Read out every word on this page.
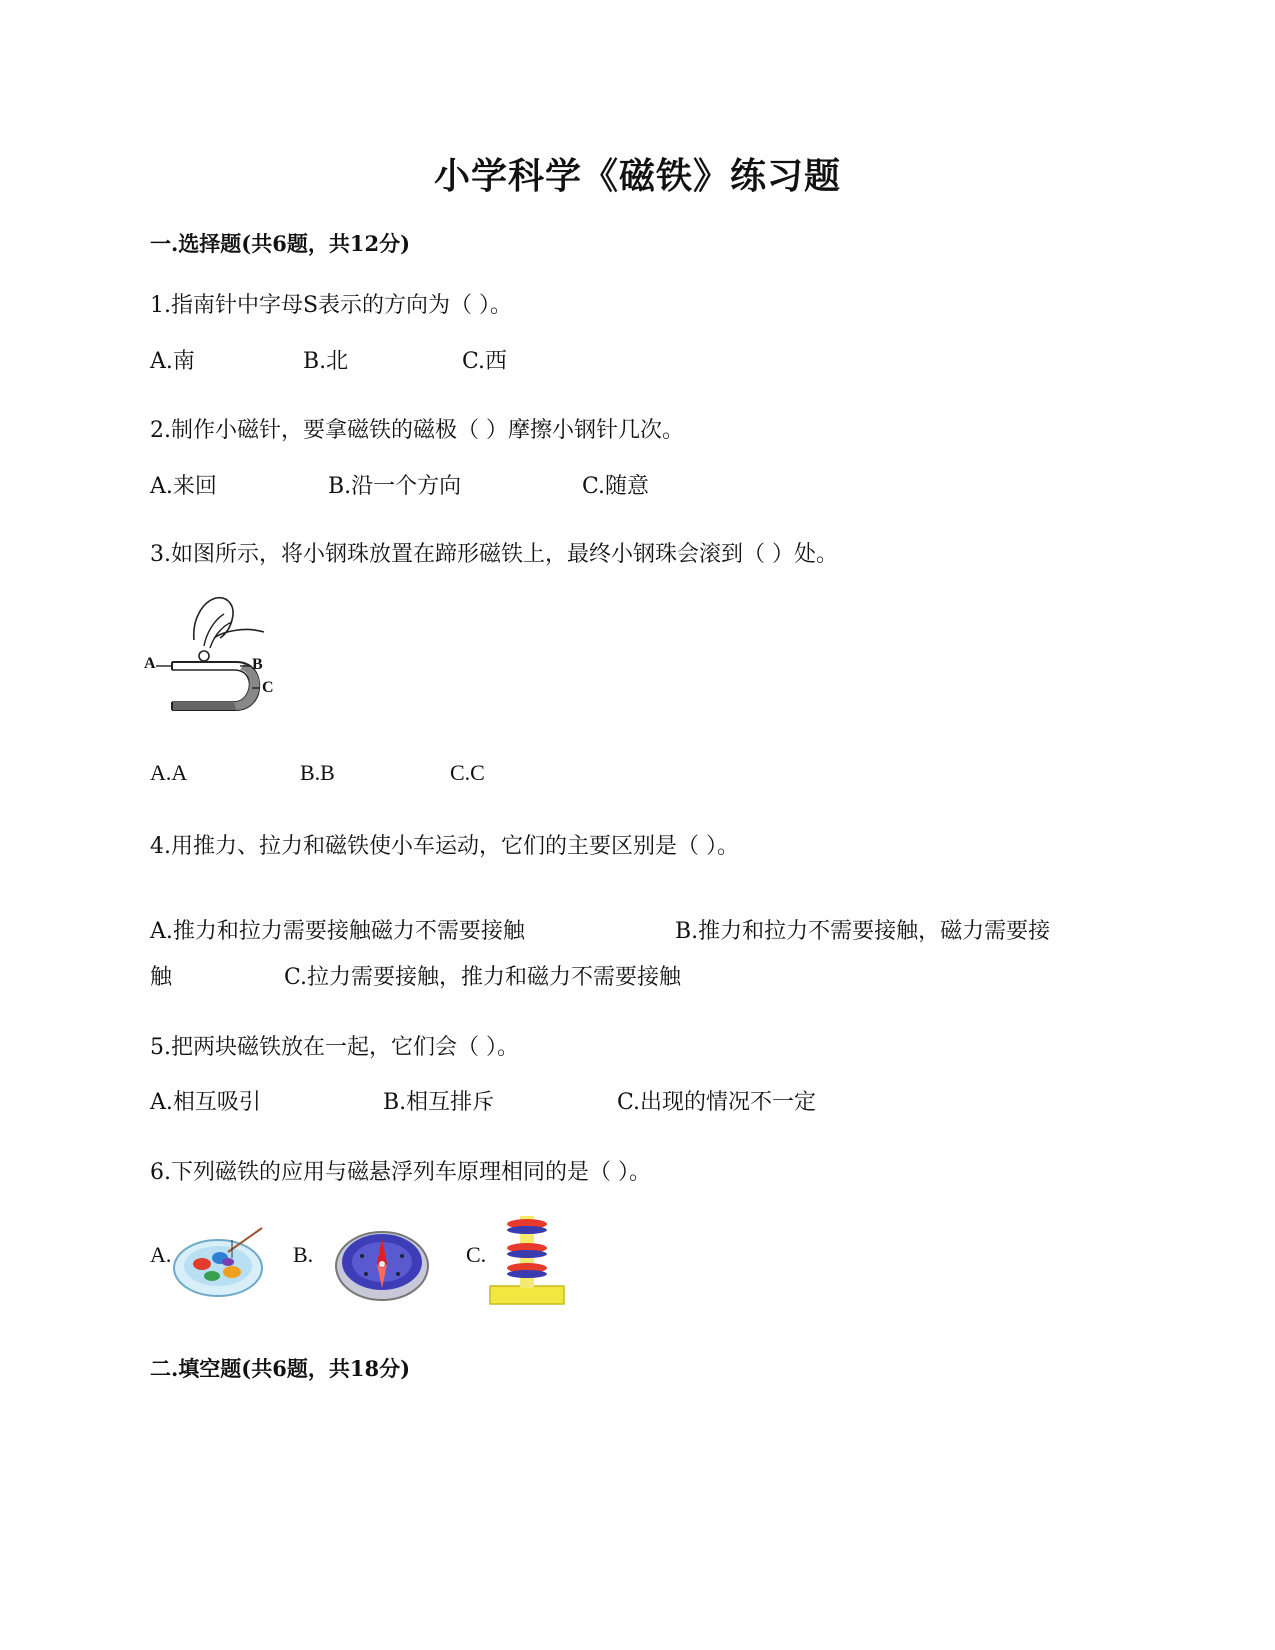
小学科学《磁铁》练习题
一.选择题(共6题，共12分)
1.指南针中字母S表示的方向为（ ）。
A.南	B.北	C.西
2.制作小磁针，要拿磁铁的磁极（ ）摩擦小钢针几次。
A.来回	B.沿一个方向	C.随意
3.如图所示，将小钢珠放置在蹄形磁铁上，最终小钢珠会滚到（ ）处。
A	B
C
A.A	B.B	C.C
4.用推力、拉力和磁铁使小车运动，它们的主要区别是（ ）。
A.推力和拉力需要接触磁力不需要接触	B.推力和拉力不需要接触，磁力需要接
触	C.拉力需要接触，推力和磁力不需要接触
5.把两块磁铁放在一起，它们会（ ）。
A.相互吸引	B.相互排斥	C.出现的情况不一定
6.下列磁铁的应用与磁悬浮列车原理相同的是（ ）。
A.	B.	C.
二.填空题(共6题，共18分)
